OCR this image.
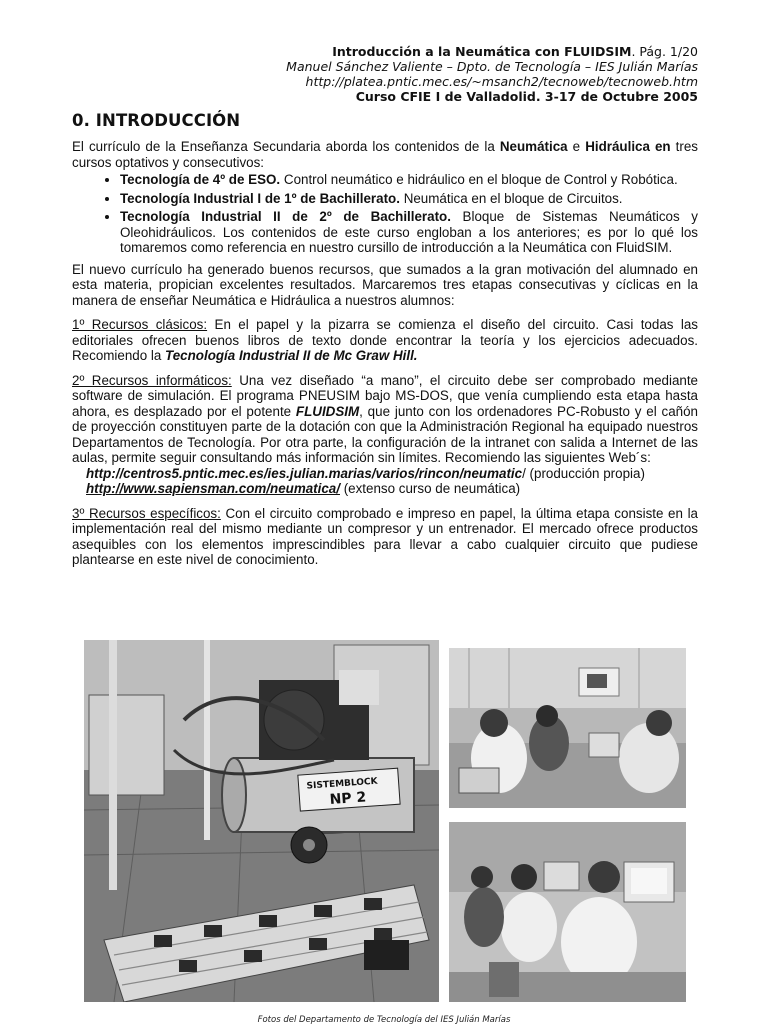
Introducción a la Neumática con FLUIDSIM. Pág. 1/20
Manuel Sánchez Valiente – Dpto. de Tecnología – IES Julián Marías
http://platea.pntic.mec.es/~msanch2/tecnoweb/tecnoweb.htm
Curso CFIE I de Valladolid. 3-17 de Octubre 2005
0. INTRODUCCIÓN

El currículo de la Enseñanza Secundaria aborda los contenidos de la Neumática e Hidráulica en tres cursos optativos y consecutivos:

• Tecnología de 4º de ESO. Control neumático e hidráulico en el bloque de Control y Robótica.
• Tecnología Industrial I de 1º de Bachillerato. Neumática en el bloque de Circuitos.
• Tecnología Industrial II de 2º de Bachillerato. Bloque de Sistemas Neumáticos y Oleohidráulicos. Los contenidos de este curso engloban a los anteriores; es por lo qué los tomaremos como referencia en nuestro cursillo de introducción a la Neumática con FluidSIM.

El nuevo currículo ha generado buenos recursos, que sumados a la gran motivación del alumnado en esta materia, propician excelentes resultados. Marcaremos tres etapas consecutivas y cíclicas en la manera de enseñar Neumática e Hidráulica a nuestros alumnos:

1º Recursos clásicos: En el papel y la pizarra se comienza el diseño del circuito. Casi todas las editoriales ofrecen buenos libros de texto donde encontrar la teoría y los ejercicios adecuados. Recomiendo la Tecnología Industrial II de Mc Graw Hill.
2º Recursos informáticos: Una vez diseñado “a mano”, el circuito debe ser comprobado mediante software de simulación. El programa PNEUSIM bajo MS-DOS, que venía cumpliendo esta etapa hasta ahora, es desplazado por el potente FLUIDSIM, que junto con los ordenadores PC-Robusto y el cañón de proyección constituyen parte de la dotación con que la Administración Regional ha equipado nuestros Departamentos de Tecnología. Por otra parte, la configuración de la intranet con salida a Internet de las aulas, permite seguir consultando más información sin límites. Recomiendo las siguientes Web´s:
http://centros5.pntic.mec.es/ies.julian.marias/varios/rincon/neumatic/ (producción propia)
http://www.sapiensman.com/neumatica/ (extenso curso de neumática)
3º Recursos específicos: Con el circuito comprobado e impreso en papel, la última etapa consiste en la implementación real del mismo mediante un compresor y un entrenador. El mercado ofrece productos asequibles con los elementos imprescindibles para llevar a cabo cualquier circuito que pudiese plantearse en este nivel de conocimiento.
SISTEMBLOCK
NP 2
Fotos del Departamento de Tecnología del IES Julián Marías
